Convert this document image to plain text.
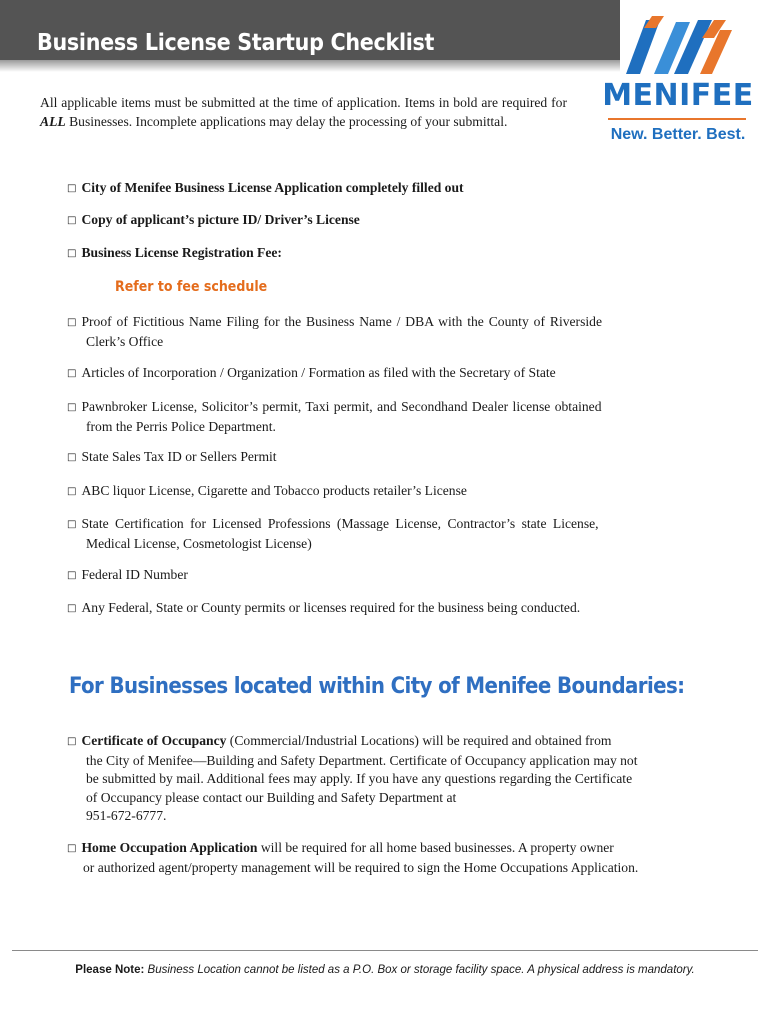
Business License Startup Checklist
MENIFEE
New. Better. Best.
All applicable items must be submitted at the time of application. Items in bold are required for ALL Businesses. Incomplete applications may delay the processing of your submittal.
□ City of Menifee Business License Application completely filled out
□ Copy of applicant’s picture ID/ Driver’s License
□ Business License Registration Fee:
Refer to fee schedule
□ Proof of Fictitious Name Filing for the Business Name / DBA with the County of Riverside
Clerk’s Office
□ Articles of Incorporation / Organization / Formation as filed with the Secretary of State
□ Pawnbroker License, Solicitor’s permit, Taxi permit, and Secondhand Dealer license obtained
from the Perris Police Department.
□ State Sales Tax ID or Sellers Permit
□ ABC liquor License, Cigarette and Tobacco products retailer’s License
□ State Certification for Licensed Professions (Massage License, Contractor’s state License,
Medical License, Cosmetologist License)
□ Federal ID Number
□ Any Federal, State or County permits or licenses required for the business being conducted.
For Businesses located within City of Menifee Boundaries:
□ Certificate of Occupancy (Commercial/Industrial Locations) will be required and obtained from
the City of Menifee—Building and Safety Department. Certificate of Occupancy application may not
be submitted by mail. Additional fees may apply. If you have any questions regarding the Certificate
of Occupancy please contact our Building and Safety Department at
951-672-6777.
□ Home Occupation Application will be required for all home based businesses. A property owner
or authorized agent/property management will be required to sign the Home Occupations Application.
Please Note: Business Location cannot be listed as a P.O. Box or storage facility space. A physical address is mandatory.
